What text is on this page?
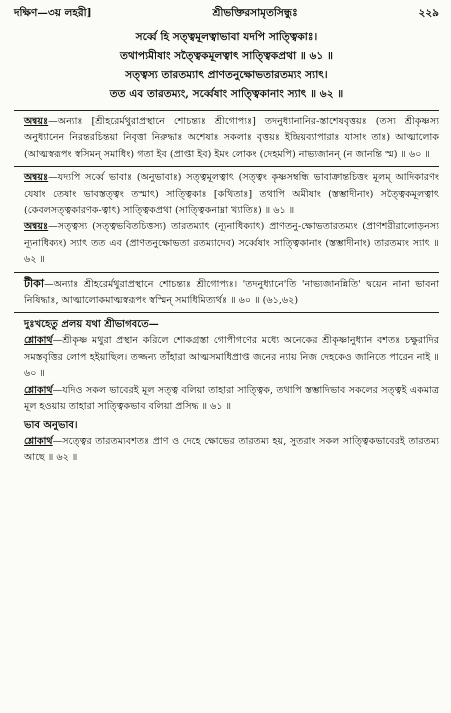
দক্ষিণ—৩য় লহরী]	শ্রীভক্তিরসামৃতসিন্ধুঃ	২২৯
সর্ব্বে হি সত্ত্বমূলত্বাভাবা যদপি সাত্ত্বিকাঃ।
তথাপ্যমীষাং সত্ত্বৈকমূলত্বাৎ সাত্ত্বিকপ্রথা ॥ ৬১ ॥
সত্ত্বস্য তারতম্যাৎ প্রাণতনুক্ষোভতারতম্যং স্যাৎ।
তত এব তারতম্যং, সর্ব্বেষাং সাত্ত্বিকানাং স্যাৎ ॥ ৬২ ॥

অন্বয়ঃ—অন্যাঃ [শ্রীহরের্মথুরাপ্রস্থানে শোচন্ত্যঃ শ্রীগোপ্যঃ] তদনুধ্যানানির-স্তাশেষবৃত্তয়ঃ (তস্য শ্রীকৃষ্ণস্য অনুধ্যানেন নিরন্তরচিন্তয়া নিবৃত্তা নিরুদ্ধাঃ অশেষাঃ সকলাঃ বৃত্তয়ঃ ইন্দ্রিয়ব্যাপারাঃ যাসাং তাঃ) আত্মালোক (আত্মস্বরূপং স্বসিমন্ সমাধিং) গতা ইব (প্রাপ্তা ইব) ইমং লোকং (দেহমপি) নাভ্যজানন্ (ন জানন্তি স্ম) ॥ ৬০ ॥

অন্বয়ঃ—যদ্যপি সর্ব্বে ভাবাঃ (অনুভাবাঃ) সত্ত্বমূলত্বাৎ (সত্ত্বং কৃষ্ণসম্বন্ধি ভাবাক্রান্তচিত্তং মূলম্ আদিকারণং যেষাং তেষাং ভাবস্তত্ত্বং তস্মাৎ) সাত্ত্বিকাঃ [কথিতাঃ] তথাপি অমীষাং (স্তম্ভাদীনাং) সত্ত্বৈকমূলত্বাৎ (কেবলসত্ত্বকারণক-ত্বাৎ) সাত্ত্বিকপ্রথা (সাত্ত্বিকনাম্না খ্যাতিঃ) ॥ ৬১ ॥

অন্বয়ঃ—সত্ত্বস্য (সত্ত্বভবিতচিত্তস্য) তারতম্যাৎ (ন্যূনাধিক্যাৎ) প্রাণতনু-ক্ষোভতারতম্যং (প্রাণশরীরালোড়নস্য ন্যূনাধিক্যং) স্যাৎ তত এব (প্রাণতনুক্ষোভতা রতম্যাদেব) সর্ব্বেষাং সাত্ত্বিকানাং (স্তম্ভাদীনাং) তারতম্যং স্যাৎ ॥ ৬২ ॥

টীকা—অন্যাঃ শ্রীহরের্মথুরাপ্রস্থানে শোচন্ত্যঃ শ্রীগোপ্যঃ। 'তদনুধ্যানে'তি 'নাভ্যজানন্নিতি' দ্বয়েন নানা ভাবনা নিষিদ্ধাঃ, আত্মালোকমাত্মস্বরূপং স্বস্মিন্ সমাধিমিত্যর্থঃ ॥ ৬০ ॥ (৬১,৬২)

দুঃখহেতু প্রলয় যথা শ্রীভাগবতে—

শ্লোকার্থ—শ্রীকৃষ্ণ মথুরা প্রস্থান করিলে শোকগ্রস্তা গোপীগণের মধ্যে অনেকের শ্রীকৃষ্ণানুধ্যান বশতঃ চক্ষুরাদির সমস্তবৃত্তির লোপ হইয়াছিল। তজ্জন্য তাঁহারা আত্মসমাধিপ্রাপ্ত জনের ন্যায় নিজ দেহকেও জানিতে পারেন নাই ॥ ৬০ ॥

শ্লোকার্থ—যদিও সকল ভাবেরই মূল সত্ত্ব বলিয়া তাহারা সাত্ত্বিক, তথাপি স্তম্ভাদিভাব সকলের সত্ত্বই একমাত্র মূল হওয়ায় তাহারা সাত্ত্বিকভাব বলিয়া প্রসিদ্ধ ॥ ৬১ ॥

ভাব অনুভাব।

শ্লোকার্থ—সত্ত্বের তারতম্যবশতঃ প্রাণ ও দেহে ক্ষোভের তারতম্য হয়, সুতরাং সকল সাত্ত্বিকভাবেরই তারতম্য আছে ॥ ৬২ ॥
